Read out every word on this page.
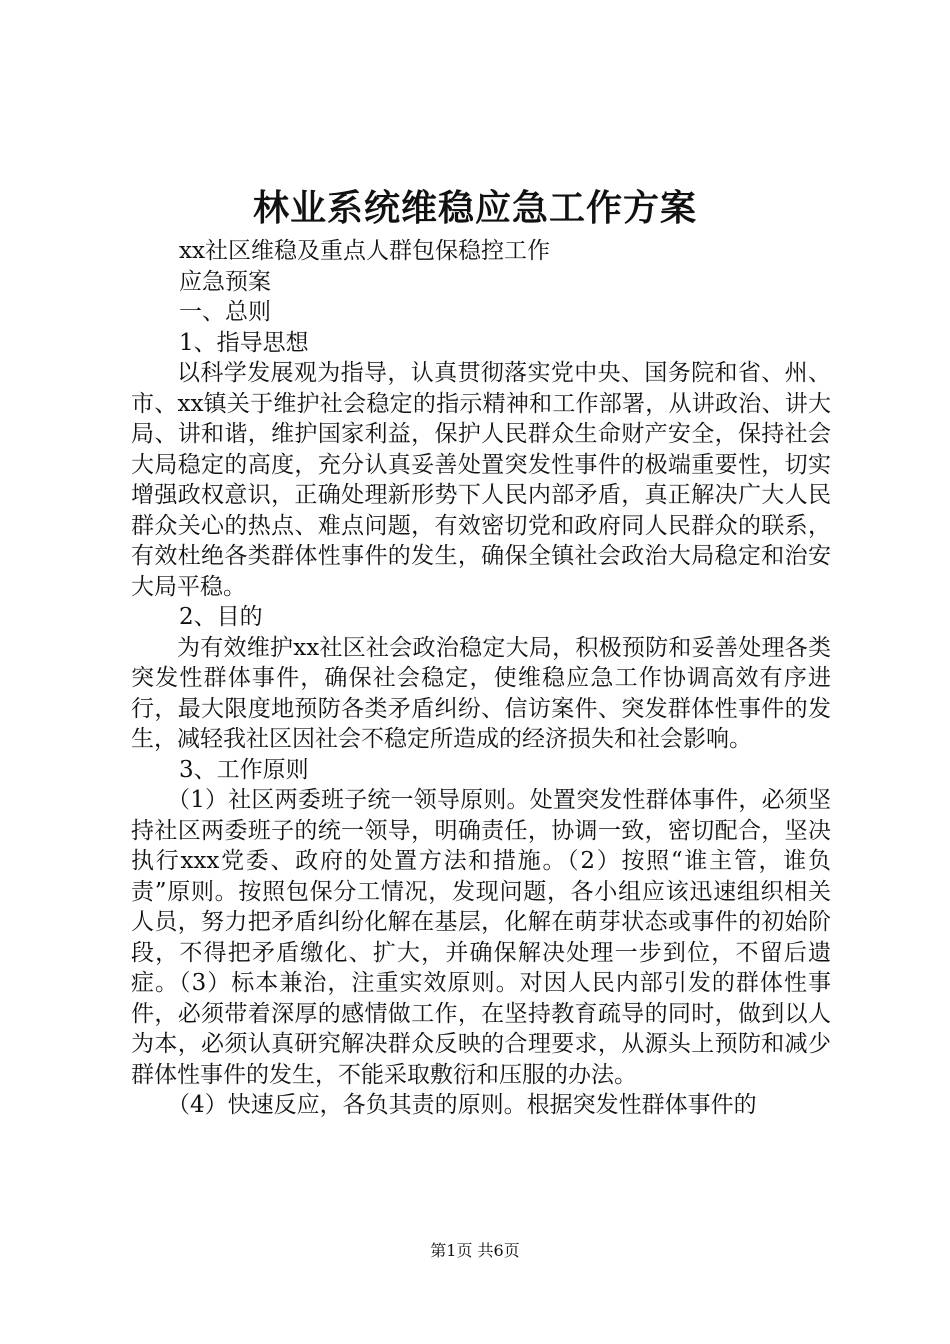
林业系统维稳应急工作方案
xx社区维稳及重点人群包保稳控工作
应急预案
一、总则
1、指导思想
以科学发展观为指导，认真贯彻落实党中央、国务院和省、州、市、xx镇关于维护社会稳定的指示精神和工作部署，从讲政治、讲大局、讲和谐，维护国家利益，保护人民群众生命财产安全，保持社会大局稳定的高度，充分认真妥善处置突发性事件的极端重要性，切实增强政权意识，正确处理新形势下人民内部矛盾，真正解决广大人民群众关心的热点、难点问题，有效密切党和政府同人民群众的联系，有效杜绝各类群体性事件的发生，确保全镇社会政治大局稳定和治安大局平稳。
2、目的
为有效维护xx社区社会政治稳定大局，积极预防和妥善处理各类突发性群体事件，确保社会稳定，使维稳应急工作协调高效有序进行，最大限度地预防各类矛盾纠纷、信访案件、突发群体性事件的发生，减轻我社区因社会不稳定所造成的经济损失和社会影响。
3、工作原则
（1）社区两委班子统一领导原则。处置突发性群体事件，必须坚持社区两委班子的统一领导，明确责任，协调一致，密切配合，坚决执行xxx党委、政府的处置方法和措施。（2）按照“谁主管，谁负责”原则。按照包保分工情况，发现问题，各小组应该迅速组织相关人员，努力把矛盾纠纷化解在基层，化解在萌芽状态或事件的初始阶段，不得把矛盾缴化、扩大，并确保解决处理一步到位，不留后遗症。（3）标本兼治，注重实效原则。对因人民内部引发的群体性事件，必须带着深厚的感情做工作，在坚持教育疏导的同时，做到以人为本，必须认真研究解决群众反映的合理要求，从源头上预防和减少群体性事件的发生，不能采取敷衍和压服的办法。
（4）快速反应，各负其责的原则。根据突发性群体事件的
第1页 共6页
